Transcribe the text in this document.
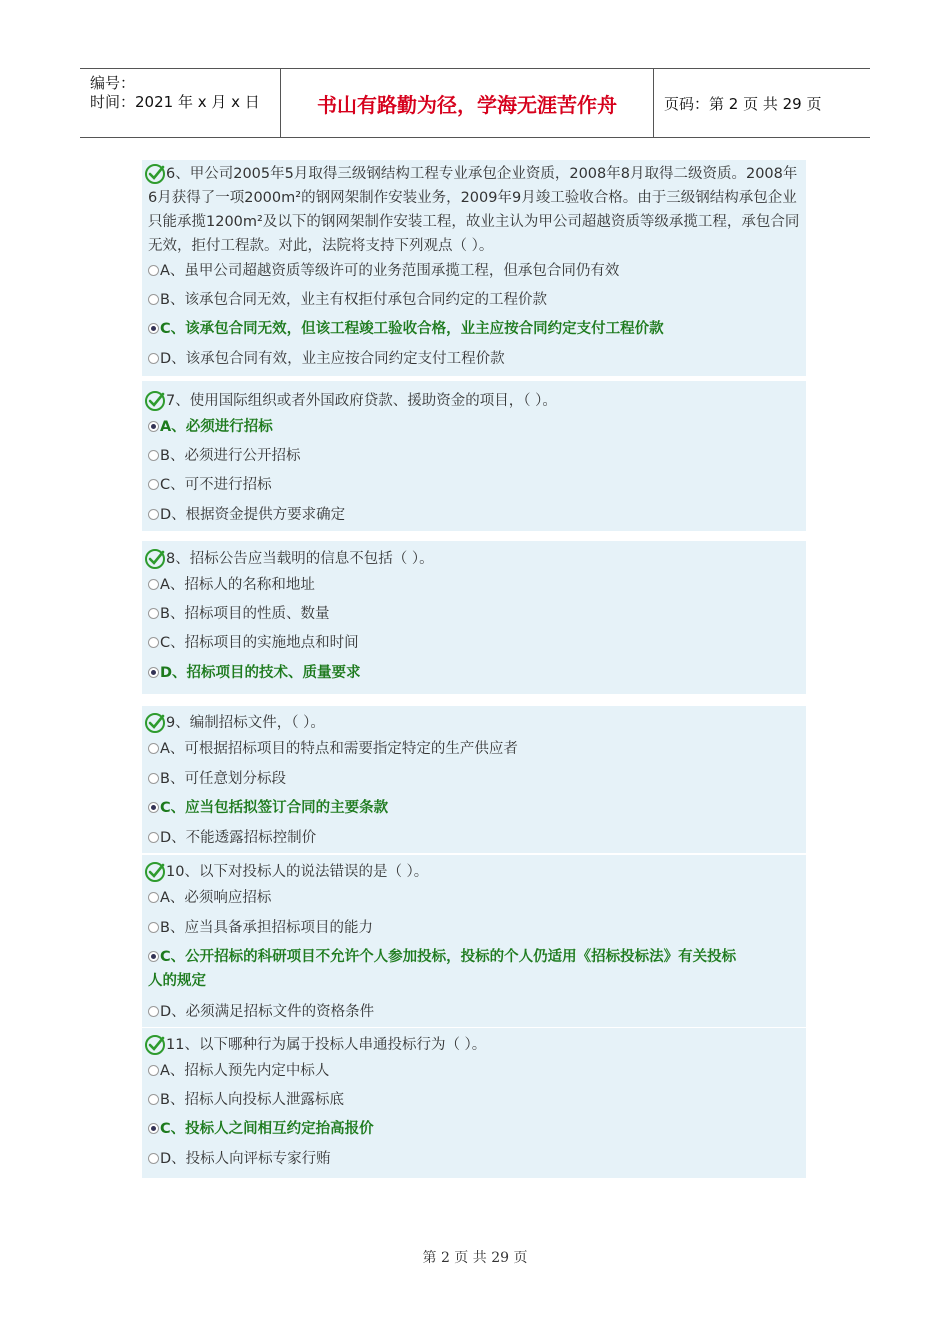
编号：
时间：2021 年 x 月 x 日	书山有路勤为径，学海无涯苦作舟	页码：第 2 页 共 29 页
6、甲公司2005年5月取得三级钢结构工程专业承包企业资质，2008年8月取得二级资质。2008年
6月获得了一项2000m²的钢网架制作安装业务，2009年9月竣工验收合格。由于三级钢结构承包企业
只能承揽1200m²及以下的钢网架制作安装工程，故业主认为甲公司超越资质等级承揽工程，承包合同
无效，拒付工程款。对此，法院将支持下列观点（ ）。
A、虽甲公司超越资质等级许可的业务范围承揽工程，但承包合同仍有效
B、该承包合同无效，业主有权拒付承包合同约定的工程价款
C、该承包合同无效，但该工程竣工验收合格，业主应按合同约定支付工程价款
D、该承包合同有效，业主应按合同约定支付工程价款
7、使用国际组织或者外国政府贷款、援助资金的项目，（ ）。
A、必须进行招标
B、必须进行公开招标
C、可不进行招标
D、根据资金提供方要求确定
8、招标公告应当载明的信息不包括（ ）。
A、招标人的名称和地址
B、招标项目的性质、数量
C、招标项目的实施地点和时间
D、招标项目的技术、质量要求
9、编制招标文件，（ ）。
A、可根据招标项目的特点和需要指定特定的生产供应者
B、可任意划分标段
C、应当包括拟签订合同的主要条款
D、不能透露招标控制价
10、以下对投标人的说法错误的是（ ）。
A、必须响应招标
B、应当具备承担招标项目的能力
C、公开招标的科研项目不允许个人参加投标，投标的个人仍适用《招标投标法》有关投标
人的规定
D、必须满足招标文件的资格条件
11、以下哪种行为属于投标人串通投标行为（ ）。
A、招标人预先内定中标人
B、招标人向投标人泄露标底
C、投标人之间相互约定抬高报价
D、投标人向评标专家行贿
第 2 页 共 29 页
